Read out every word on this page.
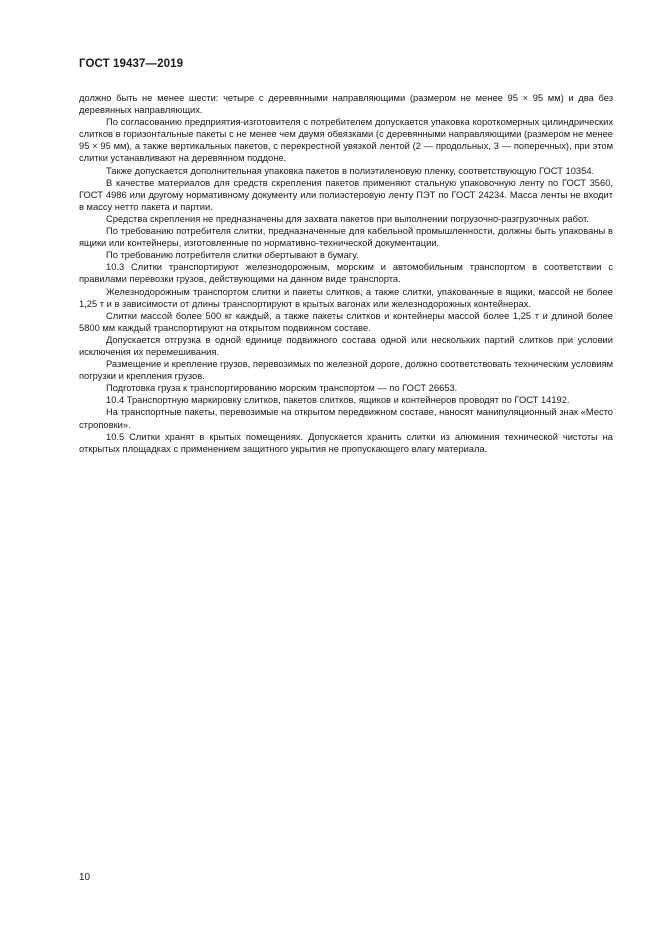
ГОСТ 19437—2019

должно быть не менее шести: четыре с деревянными направляющими (размером не менее 95 × 95 мм) и два без деревянных направляющих.

По согласованию предприятия-изготовителя с потребителем допускается упаковка короткомерных цилиндрических слитков в горизонтальные пакеты с не менее чем двумя обвязками (с деревянными направляющими (размером не менее 95 × 95 мм), а также вертикальных пакетов, с перекрестной увязкой лентой (2 — продольных, 3 — поперечных), при этом слитки устанавливают на деревянном поддоне.

Также допускается дополнительная упаковка пакетов в полиэтиленовую пленку, соответствующую ГОСТ 10354.

В качестве материалов для средств скрепления пакетов применяют стальную упаковочную ленту по ГОСТ 3560, ГОСТ 4986 или другому нормативному документу или полиэстеровую ленту ПЭТ по ГОСТ 24234. Масса ленты не входит в массу нетто пакета и партии.

Средства скрепления не предназначены для захвата пакетов при выполнении погрузочно-разгрузочных работ.

По требованию потребителя слитки, предназначенные для кабельной промышленности, должны быть упакованы в ящики или контейнеры, изготовленные по нормативно-технической документации.

По требованию потребителя слитки обертывают в бумагу.

10.3 Слитки транспортируют железнодорожным, морским и автомобильным транспортом в соответствии с правилами перевозки грузов, действующими на данном виде транспорта.

Железнодорожным транспортом слитки и пакеты слитков, а также слитки, упакованные в ящики, массой не более 1,25 т и в зависимости от длины транспортируют в крытых вагонах или железнодорожных контейнерах.

Слитки массой более 500 кг каждый, а также пакеты слитков и контейнеры массой более 1,25 т и длиной более 5800 мм каждый транспортируют на открытом подвижном составе.

Допускается отгрузка в одной единице подвижного состава одной или нескольких партий слитков при условии исключения их перемешивания.

Размещение и крепление грузов, перевозимых по железной дороге, должно соответствовать техническим условиям погрузки и крепления грузов.

Подготовка груза к транспортированию морским транспортом — по ГОСТ 26653.

10.4 Транспортную маркировку слитков, пакетов слитков, ящиков и контейнеров проводят по ГОСТ 14192.

На транспортные пакеты, перевозимые на открытом передвижном составе, наносят манипуляционный знак «Место строповки».

10.5 Слитки хранят в крытых помещениях. Допускается хранить слитки из алюминия технической чистоты на открытых площадках с применением защитного укрытия не пропускающего влагу материала.

10
